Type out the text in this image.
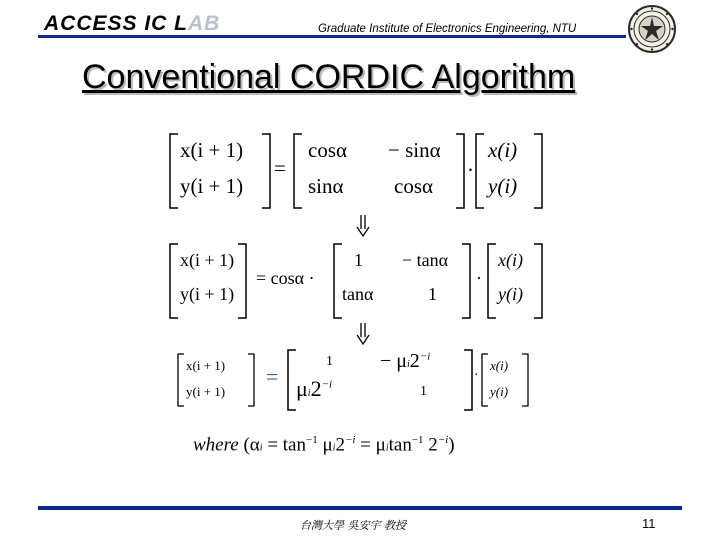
ACCESS IC LAB	Graduate Institute of Electronics Engineering, NTU
Conventional CORDIC Algorithm
x(i + 1)
y(i + 1)
=
cosα − sinα
sinα cosα
·
x(i)
y(i)
x(i + 1)
y(i + 1)
= cosα ·
1 − tanα
tanα	1
·
x(i)
y(i)
x(i + 1)
y(i + 1)
=
$1 - \mu i2^{-i}$
$\mu i2^{-i}$	1
·
x(i)
y(i)
where ($\alpha i = \tan^{-1} \mu i2^{-i} = \mu itan^{-1}$ $2^{-i}$)
台灣大學 吳安宇 教授	11
